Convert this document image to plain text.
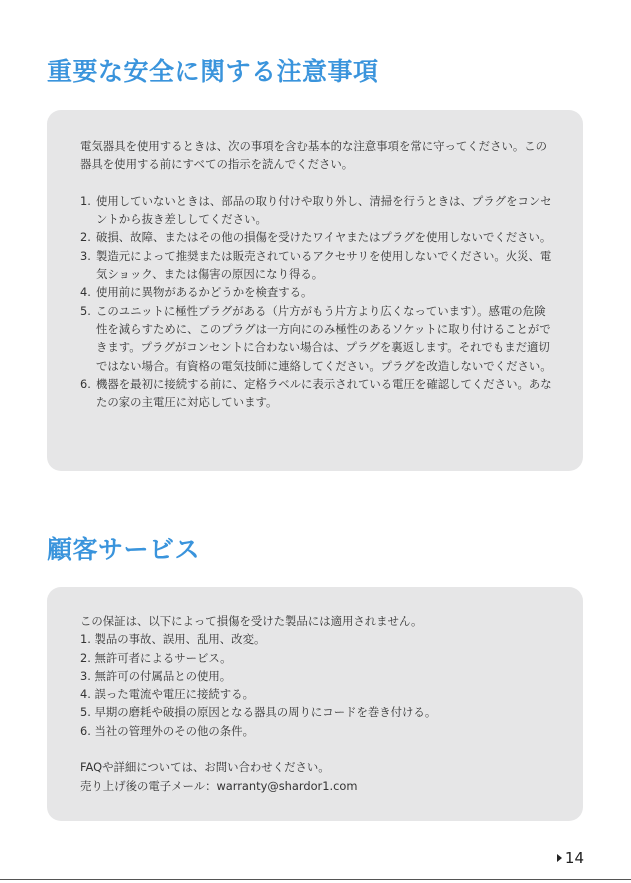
重要な安全に関する注意事項

電気器具を使用するときは、次の事項を含む基本的な注意事項を常に守ってください。この器具を使用する前にすべての指示を読んでください。

1. 使用していないときは、部品の取り付けや取り外し、清掃を行うときは、プラグをコンセントから抜き差ししてください。
2. 破損、故障、またはその他の損傷を受けたワイヤまたはプラグを使用しないでください。
3. 製造元によって推奨または販売されているアクセサリを使用しないでください。火災、電気ショック、または傷害の原因になり得る。
4. 使用前に異物があるかどうかを検査する。
5. このユニットに極性プラグがある（片方がもう片方より広くなっています）。感電の危険性を減らすために、このプラグは一方向にのみ極性のあるソケットに取り付けることができます。プラグがコンセントに合わない場合は、プラグを裏返します。それでもまだ適切ではない場合。有資格の電気技師に連絡してください。プラグを改造しないでください。
6. 機器を最初に接続する前に、定格ラベルに表示されている電圧を確認してください。あなたの家の主電圧に対応しています。
顧客サービス

この保証は、以下によって損傷を受けた製品には適用されません。

1. 製品の事故、誤用、乱用、改変。

2. 無許可者によるサービス。

3. 無許可の付属品との使用。

4. 誤った電流や電圧に接続する。

5. 早期の磨耗や破損の原因となる器具の周りにコードを巻き付ける。

6. 当社の管理外のその他の条件。

FAQや詳細については、お問い合わせください。

売り上げ後の電子メール：warranty@shardor1.com

14
